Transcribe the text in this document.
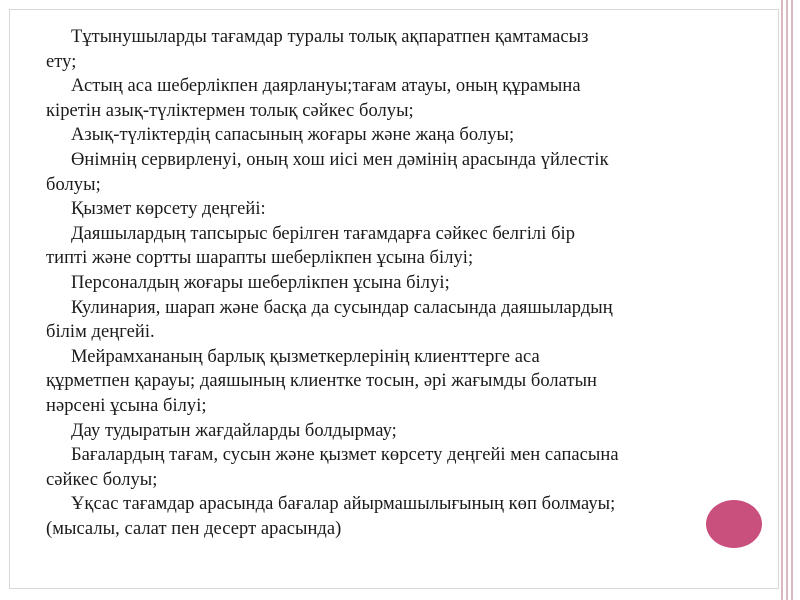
Тұтынушыларды тағамдар туралы толық ақпаратпен қамтамасыз
ету;
Астың аса шеберлікпен даярлануы;тағам атауы, оның құрамына
кіретін азық-түліктермен толық сәйкес болуы;
Азық-түліктердің сапасының жоғары және жаңа болуы;
Өнімнің сервирленуі, оның хош иісі мен дәмінің арасында үйлестік
болуы;
Қызмет көрсету деңгейі:
Даяшылардың тапсырыс берілген тағамдарға сәйкес белгілі бір
типті және сортты шарапты шеберлікпен ұсына білуі;
Персоналдың жоғары шеберлікпен ұсына білуі;
Кулинария, шарап және басқа да сусындар саласында даяшылардың
білім деңгейі.
Мейрамхананың барлық қызметкерлерінің клиенттерге аса
құрметпен қарауы; даяшының клиентке тосын, әрі жағымды болатын
нәрсені ұсына білуі;
Дау тудыратын жағдайларды болдырмау;
Бағалардың тағам, сусын және қызмет көрсету деңгейі мен сапасына
сәйкес болуы;
Ұқсас тағамдар арасында бағалар айырмашылығының көп болмауы;
(мысалы, салат пен десерт арасында)
